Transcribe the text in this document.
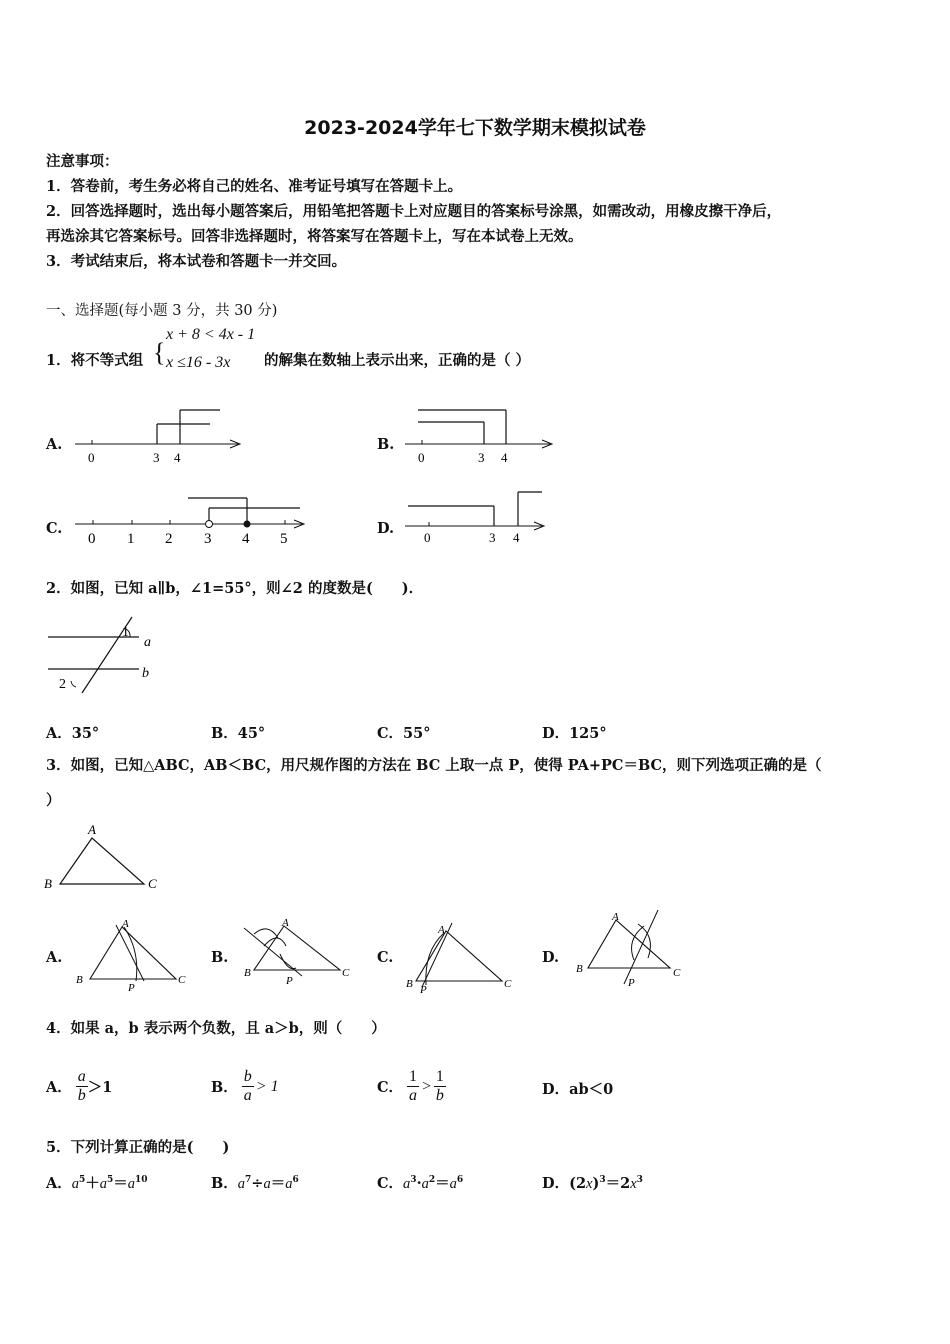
2023-2024学年七下数学期末模拟试卷
注意事项：
1．答卷前，考生务必将自己的姓名、准考证号填写在答题卡上。
2．回答选择题时，选出每小题答案后，用铅笔把答题卡上对应题目的答案标号涂黑，如需改动，用橡皮擦干净后，
再选涂其它答案标号。回答非选择题时，将答案写在答题卡上，写在本试卷上无效。
3．考试结束后，将本试卷和答题卡一并交回。
一、选择题(每小题 3 分，共 30 分)
1．将不等式组 {
x + 8 < 4x - 1
x ≤16 - 3x 的解集在数轴上表示出来，正确的是（ ）
A.
0	3 4
B.
0	3 4
C.
0 1 2 3 4 5
D.
0	3 4
2．如图，已知 a∥b，∠1=55°，则∠2 的度数是(　　)．
1
a
b
2
A．35°	B．45°	C．55°	D．125°
3．如图，已知△ABC，AB＜BC，用尺规作图的方法在 BC 上取一点 P，使得 PA+PC＝BC，则下列选项正确的是（
）
A
B	C
A.
A
B	C
P
B.
A
B	C
P
C.
A
B	C
P
D.
A
B	C
P
4．如果 a，b 表示两个负数，且 a＞b，则（　　）
A． $\frac{a}{b} >1$	B． $\frac{b}{a} > 1$	C． $\frac{1}{a} > \frac{1}{b}$	D．ab＜0
5．下列计算正确的是(　　)
A．$a^5+a^5=a^{10}$	B．$a^7\div a=a^6$	C．$a^3\cdot a^2=a^6$	D．$(2x)^3=2x^3$
